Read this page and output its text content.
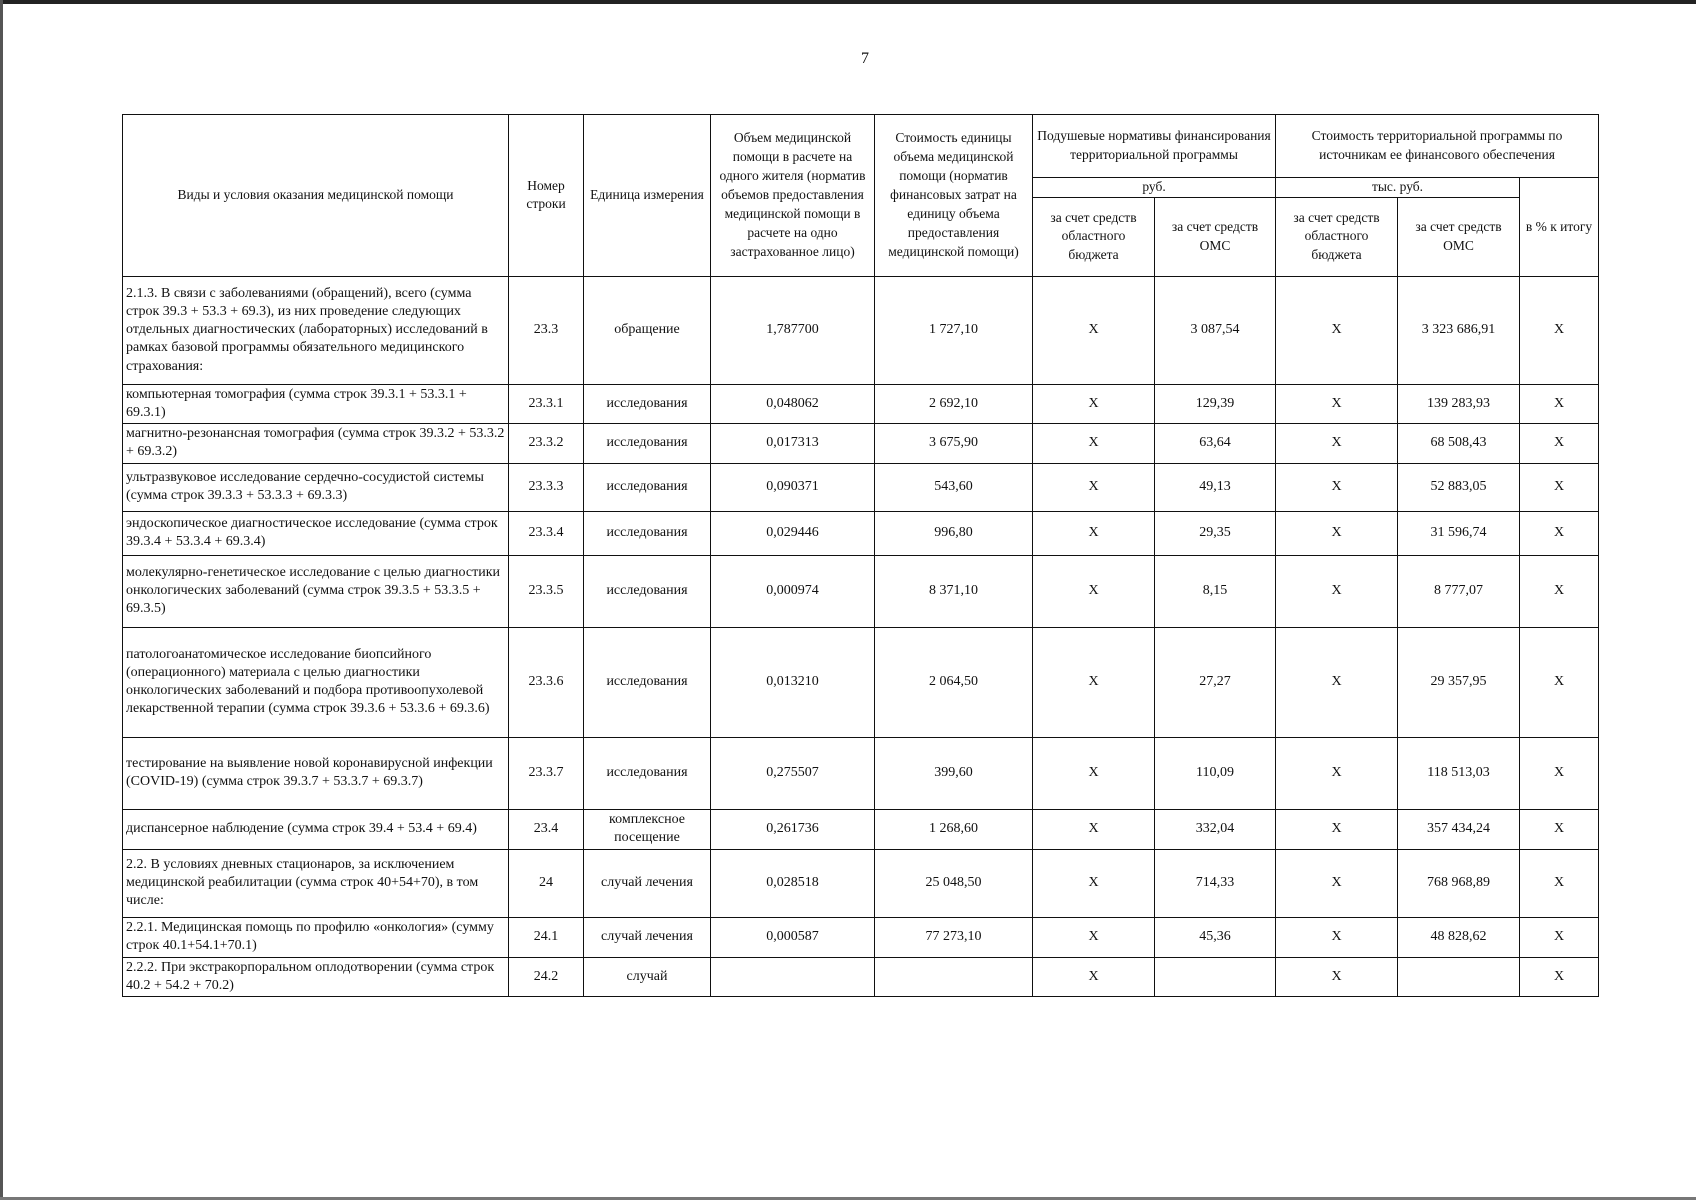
7
Виды и условия оказания медицинской помощи	Номер строки	Единица измерения	Объем медицинской помощи в расчете на одного жителя (норматив объемов предоставления медицинской помощи в расчете на одно застрахованное лицо)	Стоимость единицы объема медицинской помощи (норматив финансовых затрат на единицу объема предоставления медицинской помощи)	Подушевые нормативы финансирования территориальной программы		Стоимость территориальной программы по источникам ее финансового обеспечения		
					руб.		тыс. руб.		в % к итогу
					за счет средств областного бюджета	за счет средств ОМС	за счет средств областного бюджета	за счет средств ОМС	
2.1.3. В связи с заболеваниями (обращений), всего (сумма строк 39.3 + 53.3 + 69.3), из них проведение следующих отдельных диагностических (лабораторных) исследований в рамках базовой программы обязательного медицинского страхования:	23.3	обращение	1,787700	1 727,10	X	3 087,54	X	3 323 686,91	X
компьютерная томография (сумма строк 39.3.1 + 53.3.1 + 69.3.1)	23.3.1	исследования	0,048062	2 692,10	X	129,39	X	139 283,93	X
магнитно-резонансная томография (сумма строк 39.3.2 + 53.3.2 + 69.3.2)	23.3.2	исследования	0,017313	3 675,90	X	63,64	X	68 508,43	X
ультразвуковое исследование сердечно-сосудистой системы (сумма строк 39.3.3 + 53.3.3 + 69.3.3)	23.3.3	исследования	0,090371	543,60	X	49,13	X	52 883,05	X
эндоскопическое диагностическое исследование (сумма строк 39.3.4 + 53.3.4 + 69.3.4)	23.3.4	исследования	0,029446	996,80	X	29,35	X	31 596,74	X
молекулярно-генетическое исследование с целью диагностики онкологических заболеваний (сумма строк 39.3.5 + 53.3.5 + 69.3.5)	23.3.5	исследования	0,000974	8 371,10	X	8,15	X	8 777,07	X
патологоанатомическое исследование биопсийного (операционного) материала с целью диагностики онкологических заболеваний и подбора противоопухолевой лекарственной терапии (сумма строк 39.3.6 + 53.3.6 + 69.3.6)	23.3.6	исследования	0,013210	2 064,50	X	27,27	X	29 357,95	X
тестирование на выявление новой коронавирусной инфекции (COVID-19) (сумма строк 39.3.7 + 53.3.7 + 69.3.7)	23.3.7	исследования	0,275507	399,60	X	110,09	X	118 513,03	X
диспансерное наблюдение (сумма строк 39.4 + 53.4 + 69.4)	23.4	комплексное посещение	0,261736	1 268,60	X	332,04	X	357 434,24	X
2.2. В условиях дневных стационаров, за исключением медицинской реабилитации (сумма строк 40+54+70), в том числе:	24	случай лечения	0,028518	25 048,50	X	714,33	X	768 968,89	X
2.2.1. Медицинская помощь по профилю «онкология» (сумму строк 40.1+54.1+70.1)	24.1	случай лечения	0,000587	77 273,10	X	45,36	X	48 828,62	X
2.2.2. При экстракорпоральном оплодотворении (сумма строк 40.2 + 54.2 + 70.2)	24.2	случай			X		X		X
